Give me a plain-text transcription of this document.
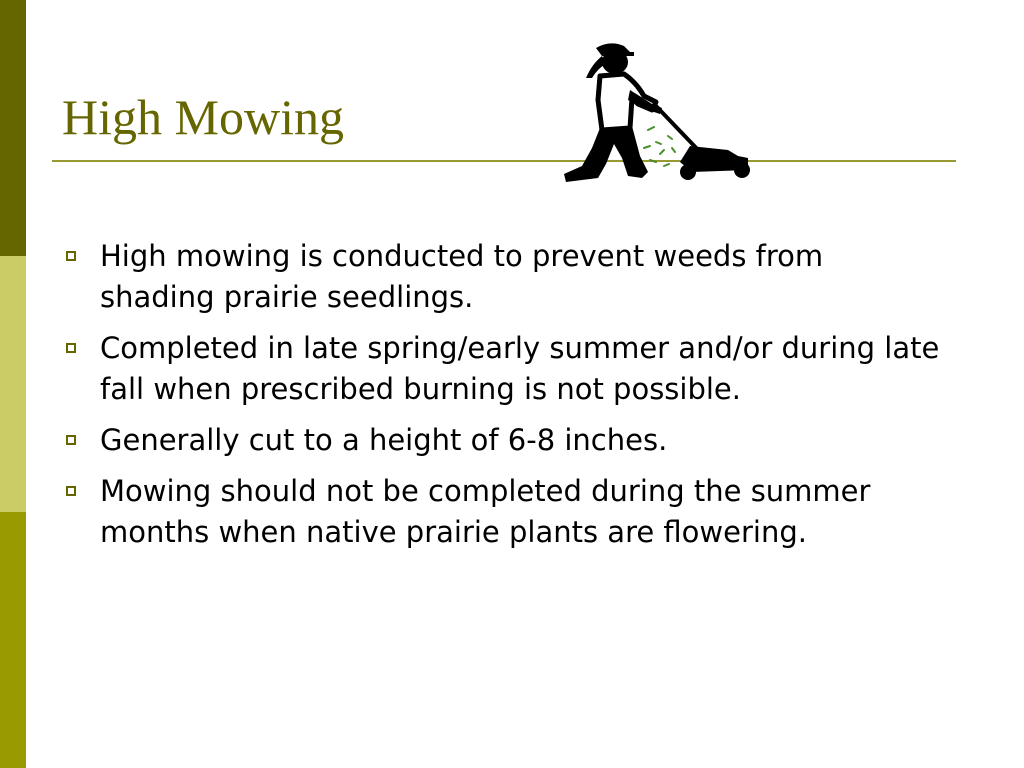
High Mowing
High mowing is conducted to prevent weeds from shading prairie seedlings.
Completed in late spring/early summer and/or during late fall when prescribed burning is not possible.
Generally cut to a height of 6-8 inches.
Mowing should not be completed during the summer months when native prairie plants are flowering.
